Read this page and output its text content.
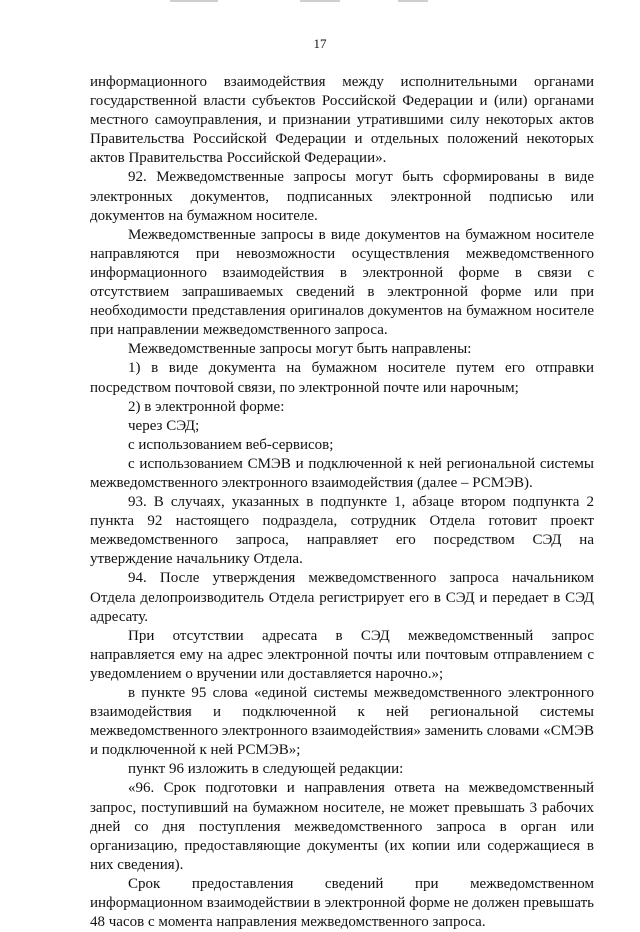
17

информационного взаимодействия между исполнительными органами государственной власти субъектов Российской Федерации и (или) органами местного самоуправления, и признании утратившими силу некоторых актов Правительства Российской Федерации и отдельных положений некоторых актов Правительства Российской Федерации».

92. Межведомственные запросы могут быть сформированы в виде электронных документов, подписанных электронной подписью или документов на бумажном носителе.

Межведомственные запросы в виде документов на бумажном носителе направляются при невозможности осуществления межведомственного информационного взаимодействия в электронной форме в связи с отсутствием запрашиваемых сведений в электронной форме или при необходимости представления оригиналов документов на бумажном носителе при направлении межведомственного запроса.

Межведомственные запросы могут быть направлены:

1) в виде документа на бумажном носителе путем его отправки посредством почтовой связи, по электронной почте или нарочным;

2) в электронной форме:

через СЭД;

с использованием веб-сервисов;

с использованием СМЭВ и подключенной к ней региональной системы межведомственного электронного взаимодействия (далее – РСМЭВ).

93. В случаях, указанных в подпункте 1, абзаце втором подпункта 2 пункта 92 настоящего подраздела, сотрудник Отдела готовит проект межведомственного запроса, направляет его посредством СЭД на утверждение начальнику Отдела.

94. После утверждения межведомственного запроса начальником Отдела делопроизводитель Отдела регистрирует его в СЭД и передает в СЭД адресату.

При отсутствии адресата в СЭД межведомственный запрос направляется ему на адрес электронной почты или почтовым отправлением с уведомлением о вручении или доставляется нарочно.»;

в пункте 95 слова «единой системы межведомственного электронного взаимодействия и подключенной к ней региональной системы межведомственного электронного взаимодействия» заменить словами «СМЭВ и подключенной к ней РСМЭВ»;

пункт 96 изложить в следующей редакции:

«96. Срок подготовки и направления ответа на межведомственный запрос, поступивший на бумажном носителе, не может превышать 3 рабочих дней со дня поступления межведомственного запроса в орган или организацию, предоставляющие документы (их копии или содержащиеся в них сведения).

Срок предоставления сведений при межведомственном информационном взаимодействии в электронной форме не должен превышать 48 часов с момента направления межведомственного запроса.
